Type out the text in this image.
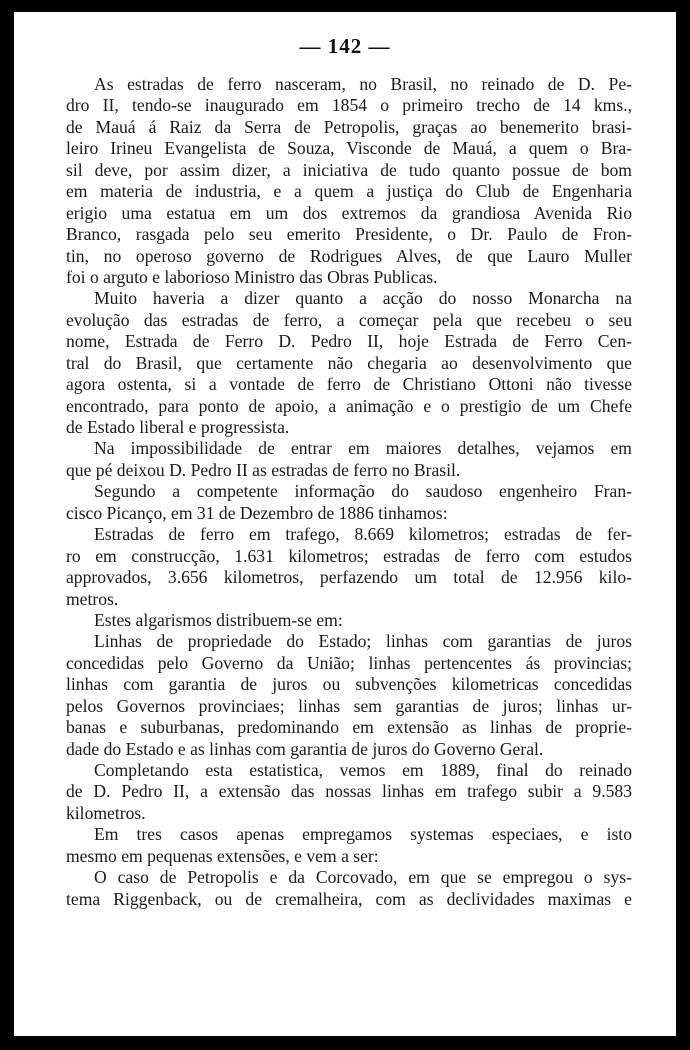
— 142 —
As estradas de ferro nasceram, no Brasil, no reinado de D. Pe-
dro II, tendo-se inaugurado em 1854 o primeiro trecho de 14 kms.,
de Mauá á Raiz da Serra de Petropolis, graças ao benemerito brasi-
leiro Irineu Evangelista de Souza, Visconde de Mauá, a quem o Bra-
sil deve, por assim dizer, a iniciativa de tudo quanto possue de bom
em materia de industria, e a quem a justiça do Club de Engenharia
erigio uma estatua em um dos extremos da grandiosa Avenida Rio
Branco, rasgada pelo seu emerito Presidente, o Dr. Paulo de Fron-
tin, no operoso governo de Rodrigues Alves, de que Lauro Muller
foi o arguto e laborioso Ministro das Obras Publicas.
Muito haveria a dizer quanto a acção do nosso Monarcha na
evolução das estradas de ferro, a começar pela que recebeu o seu
nome, Estrada de Ferro D. Pedro II, hoje Estrada de Ferro Cen-
tral do Brasil, que certamente não chegaria ao desenvolvimento que
agora ostenta, si a vontade de ferro de Christiano Ottoni não tivesse
encontrado, para ponto de apoio, a animação e o prestigio de um Chefe
de Estado liberal e progressista.
Na impossibilidade de entrar em maiores detalhes, vejamos em
que pé deixou D. Pedro II as estradas de ferro no Brasil.
Segundo a competente informação do saudoso engenheiro Fran-
cisco Picanço, em 31 de Dezembro de 1886 tinhamos:
Estradas de ferro em trafego, 8.669 kilometros; estradas de fer-
ro em construcção, 1.631 kilometros; estradas de ferro com estudos
approvados, 3.656 kilometros, perfazendo um total de 12.956 kilo-
metros.
Estes algarismos distribuem-se em:
Linhas de propriedade do Estado; linhas com garantias de juros
concedidas pelo Governo da União; linhas pertencentes ás provincias;
linhas com garantia de juros ou subvenções kilometricas concedidas
pelos Governos provinciaes; linhas sem garantias de juros; linhas ur-
banas e suburbanas, predominando em extensão as linhas de proprie-
dade do Estado e as linhas com garantia de juros do Governo Geral.
Completando esta estatistica, vemos em 1889, final do reinado
de D. Pedro II, a extensão das nossas linhas em trafego subir a 9.583
kilometros.
Em tres casos apenas empregamos systemas especiaes, e isto
mesmo em pequenas extensões, e vem a ser:
O caso de Petropolis e da Corcovado, em que se empregou o sys-
tema Riggenback, ou de cremalheira, com as declividades maximas e
